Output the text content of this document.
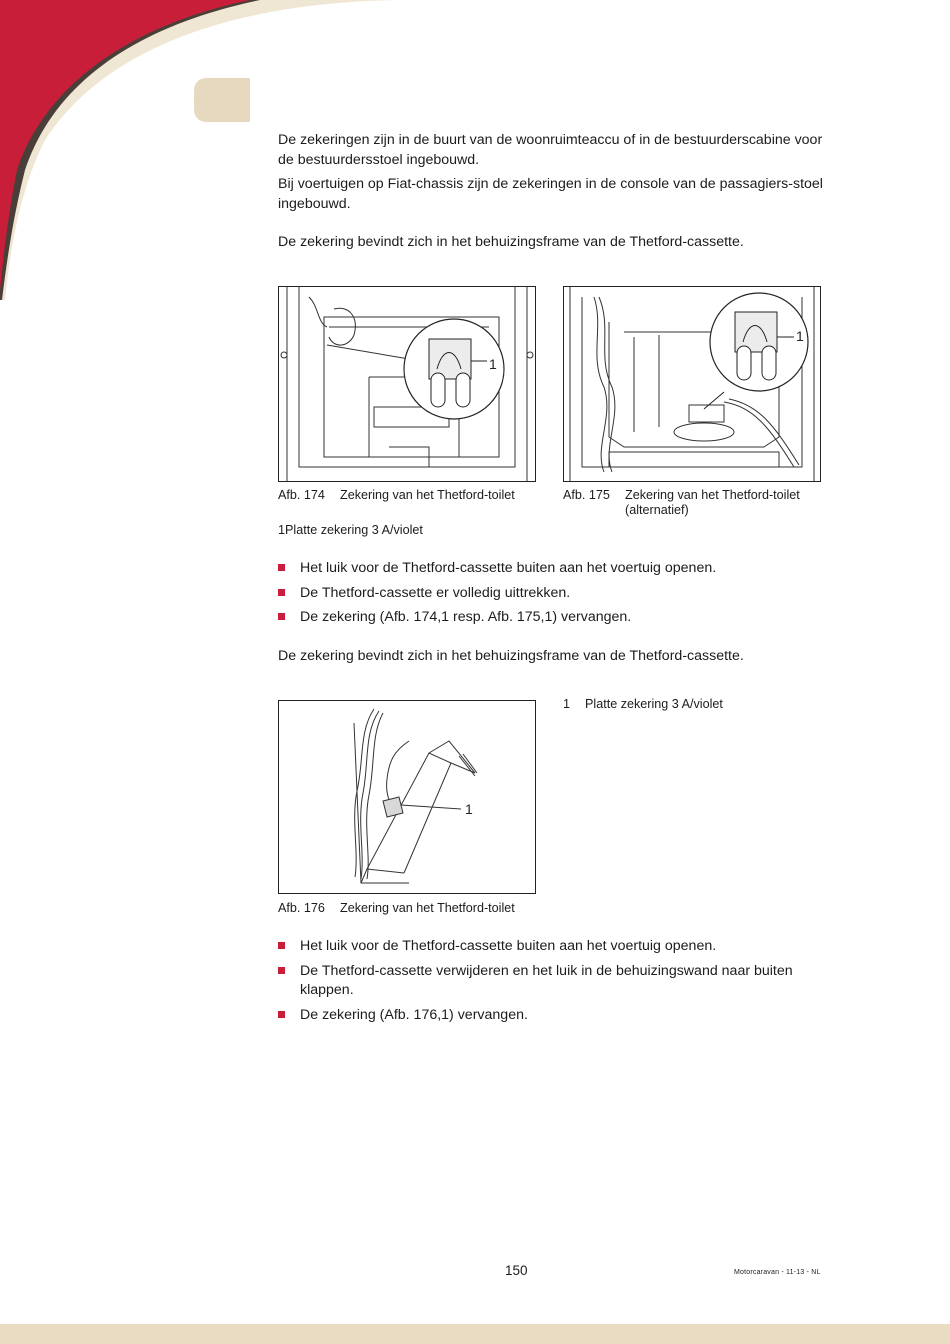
De zekeringen zijn in de buurt van de woonruimteaccu of in de bestuurderscabine voor de bestuurdersstoel ingebouwd.

Bij voertuigen op Fiat-chassis zijn de zekeringen in de console van de passagiers-stoel ingebouwd.

De zekering bevindt zich in het behuizingsframe van de Thetford-cassette.

1
Afb. 174 Zekering van het Thetford-toilet
1
Afb. 175 Zekering van het Thetford-toilet (alternatief)

1Platte zekering 3 A/violet

Het luik voor de Thetford-cassette buiten aan het voertuig openen.
De Thetford-cassette er volledig uittrekken.
De zekering (Afb. 174,1 resp. Afb. 175,1) vervangen.

De zekering bevindt zich in het behuizingsframe van de Thetford-cassette.

1
Afb. 176 Zekering van het Thetford-toilet
1 Platte zekering 3 A/violet
Het luik voor de Thetford-cassette buiten aan het voertuig openen.
De Thetford-cassette verwijderen en het luik in de behuizingswand naar buiten klappen.
De zekering (Afb. 176,1) vervangen.
150	Motorcaravan - 11-13 - NL
